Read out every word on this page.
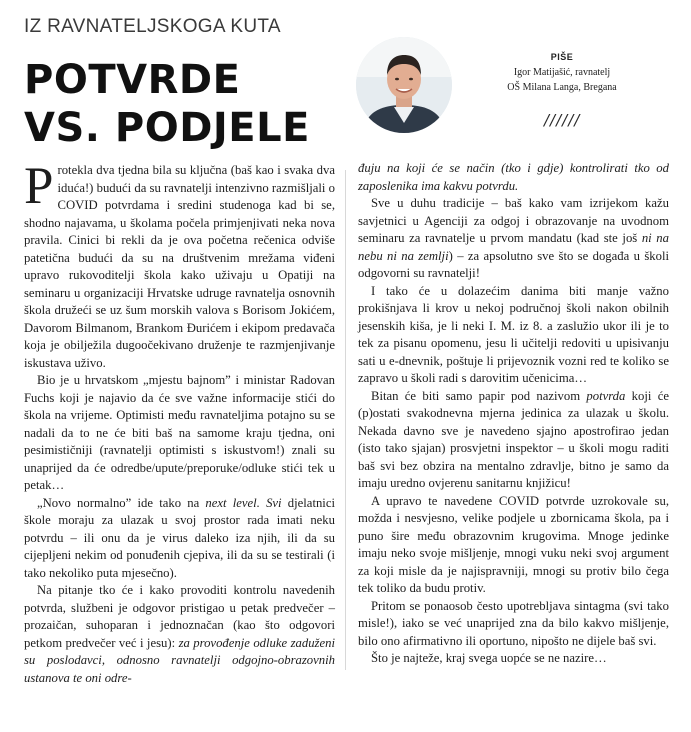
IZ RAVNATELJSKOGA KUTA
POTVRDE
VS. PODJELE
PIŠE
Igor Matijašić, ravnatelj
OŠ Milana Langa, Bregana
//////

Protekla dva tjedna bila su ključna (baš kao i svaka dva iduća!) budući da su ravnatelji intenzivno razmišljali o COVID potvrdama i sredini studenoga kad bi se, shodno najavama, u školama počela primjenjivati neka nova pravila. Cinici bi rekli da je ova početna rečenica odviše patetična budući da su na društvenim mrežama viđeni upravo rukovoditelji škola kako uživaju u Opatiji na seminaru u organizaciji Hrvatske udruge ravnatelja osnovnih škola družeći se uz šum morskih valova s Borisom Jokićem, Davorom Bilmanom, Brankom Đurićem i ekipom predavača koja je obilježila dugoočekivano druženje te razmjenjivanje iskustava uživo.

Bio je u hrvatskom „mjestu bajnom” i ministar Radovan Fuchs koji je najavio da će sve važne informacije stići do škola na vrijeme. Optimisti među ravnateljima potajno su se nadali da to ne će biti baš na samome kraju tjedna, oni pesimističniji (ravnatelji optimisti s iskustvom!) znali su unaprijed da će odredbe/upute/preporuke/odluke stići tek u petak…

„Novo normalno” ide tako na next level. Svi djelatnici škole moraju za ulazak u svoj prostor rada imati neku potvrdu – ili onu da je virus daleko iza njih, ili da su cijepljeni nekim od ponuđenih cjepiva, ili da su se testirali (i tako nekoliko puta mjesečno).

Na pitanje tko će i kako provoditi kontrolu navedenih potvrda, službeni je odgovor pristigao u petak predvečer – prozaičan, suhoparan i jednoznačan (kao što odgovori petkom predvečer već i jesu): za provođenje odluke zaduženi su poslodavci, odnosno ravnatelji odgojno-obrazovnih ustanova te oni odre-

đuju na koji će se način (tko i gdje) kontrolirati tko od zaposlenika ima kakvu potvrdu.

Sve u duhu tradicije – baš kako vam izrijekom kažu savjetnici u Agenciji za odgoj i obrazovanje na uvodnom seminaru za ravnatelje u prvom mandatu (kad ste još ni na nebu ni na zemlji) – za apsolutno sve što se događa u školi odgovorni su ravnatelji!

I tako će u dolazećim danima biti manje važno prokišnjava li krov u nekoj područnoj školi nakon obilnih jesenskih kiša, je li neki I. M. iz 8. a zaslužio ukor ili je to tek za pisanu opomenu, jesu li učitelji redoviti u upisivanju sati u e-dnevnik, poštuje li prijevoznik vozni red te koliko se zapravo u školi radi s darovitim učenicima…

Bitan će biti samo papir pod nazivom potvrda koji će (p)ostati svakodnevna mjerna jedinica za ulazak u školu. Nekada davno sve je navedeno sjajno apostrofirao jedan (isto tako sjajan) prosvjetni inspektor – u školi mogu raditi baš svi bez obzira na mentalno zdravlje, bitno je samo da imaju uredno ovjerenu sanitarnu knjižicu!

A upravo te navedene COVID potvrde uzrokovale su, možda i nesvjesno, velike podjele u zbornicama škola, pa i puno šire među obrazovnim krugovima. Mnoge jedinke imaju neko svoje mišljenje, mnogi vuku neki svoj argument za koji misle da je najispravniji, mnogi su protiv bilo čega tek toliko da budu protiv.

Pritom se ponaosob često upotrebljava sintagma (svi tako misle!), iako se već unaprijed zna da bilo kakvo mišljenje, bilo ono afirmativno ili oportuno, nipošto ne dijele baš svi.

Što je najteže, kraj svega uopće se ne nazire…
